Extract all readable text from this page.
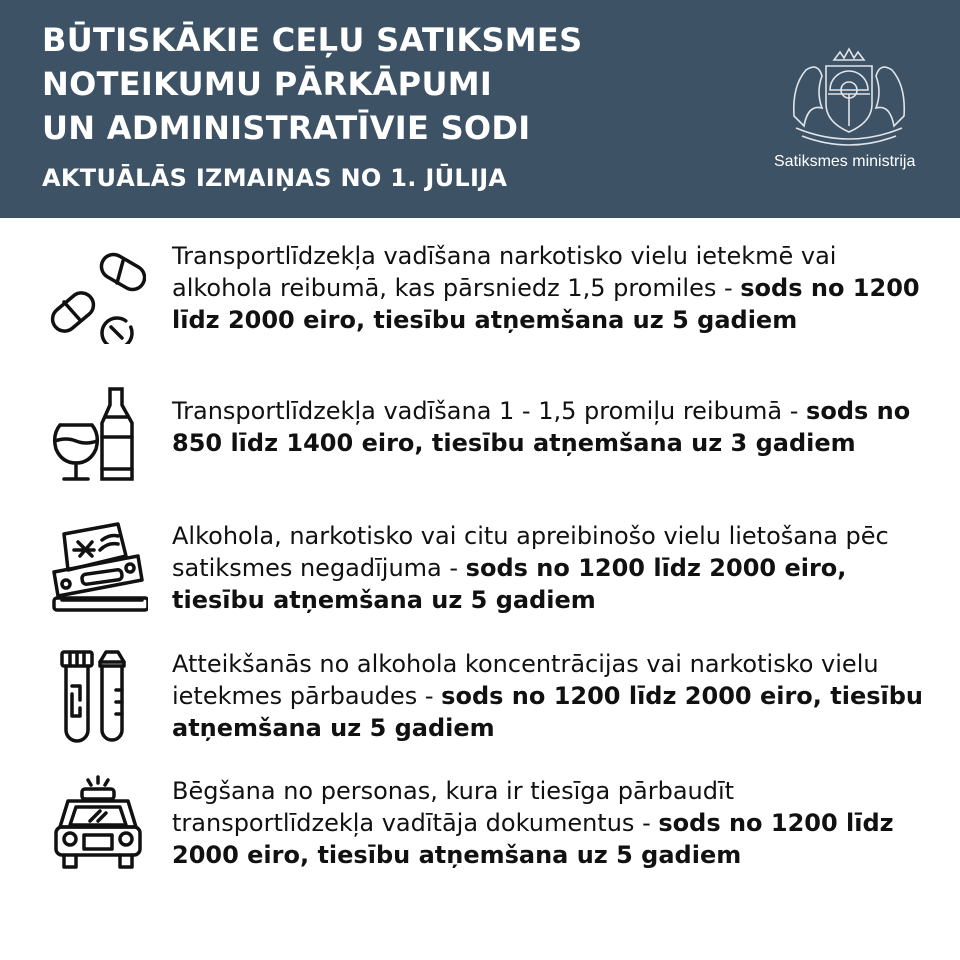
BŪTISKĀKIE CEĻU SATIKSMES
NOTEIKUMU PĀRKĀPUMI
UN ADMINISTRATĪVIE SODI
AKTUĀLĀS IZMAIŅAS NO 1. JŪLIJA
Satiksmes ministrija
Transportlīdzekļa vadīšana narkotisko vielu ietekmē vai alkohola reibumā, kas pārsniedz 1,5 promiles - sods no 1200 līdz 2000 eiro, tiesību atņemšana uz 5 gadiem
Transportlīdzekļa vadīšana 1 - 1,5 promiļu reibumā - sods no 850 līdz 1400 eiro, tiesību atņemšana uz 3 gadiem
Alkohola, narkotisko vai citu apreibinošo vielu lietošana pēc satiksmes negadījuma - sods no 1200 līdz 2000 eiro, tiesību atņemšana uz 5 gadiem
Atteikšanās no alkohola koncentrācijas vai narkotisko vielu ietekmes pārbaudes - sods no 1200 līdz 2000 eiro, tiesību atņemšana uz 5 gadiem
Bēgšana no personas, kura ir tiesīga pārbaudīt transportlīdzekļa vadītāja dokumentus - sods no 1200 līdz 2000 eiro, tiesību atņemšana uz 5 gadiem
